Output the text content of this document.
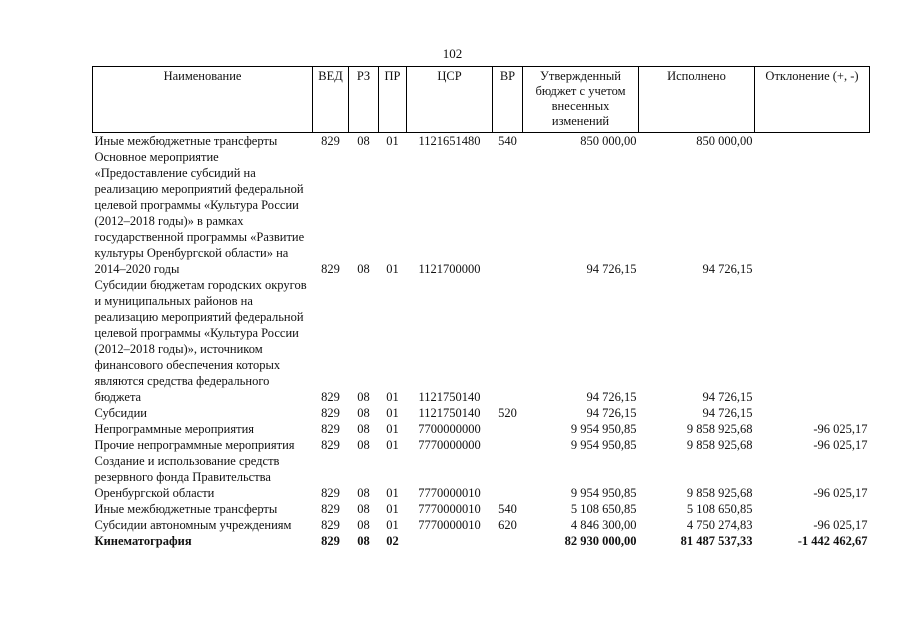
102
Наименование	ВЕД	РЗ	ПР	ЦСР	ВР	Утвержденный бюджет с учетом внесенных изменений	Исполнено	Отклонение (+, -)
Иные межбюджетные трансферты	829	08	01	1121651480	540	850 000,00	850 000,00	
Основное мероприятие «Предоставление субсидий на реализацию мероприятий федеральной целевой программы «Культура России (2012–2018 годы)» в рамках государственной программы «Развитие культуры Оренбургской области» на 2014–2020 годы	829	08	01	1121700000		94 726,15	94 726,15	
Субсидии бюджетам городских округов и муниципальных районов на реализацию мероприятий федеральной целевой программы «Культура России (2012–2018 годы)», источником финансового обеспечения которых являются средства федерального бюджета	829	08	01	1121750140		94 726,15	94 726,15	
Субсидии	829	08	01	1121750140	520	94 726,15	94 726,15	
Непрограммные мероприятия	829	08	01	7700000000		9 954 950,85	9 858 925,68	-96 025,17
Прочие непрограммные мероприятия	829	08	01	7770000000		9 954 950,85	9 858 925,68	-96 025,17
Создание и использование средств резервного фонда Правительства Оренбургской области	829	08	01	7770000010		9 954 950,85	9 858 925,68	-96 025,17
Иные межбюджетные трансферты	829	08	01	7770000010	540	5 108 650,85	5 108 650,85	
Субсидии автономным учреждениям	829	08	01	7770000010	620	4 846 300,00	4 750 274,83	-96 025,17
Кинематография	829	08	02			82 930 000,00	81 487 537,33	-1 442 462,67
